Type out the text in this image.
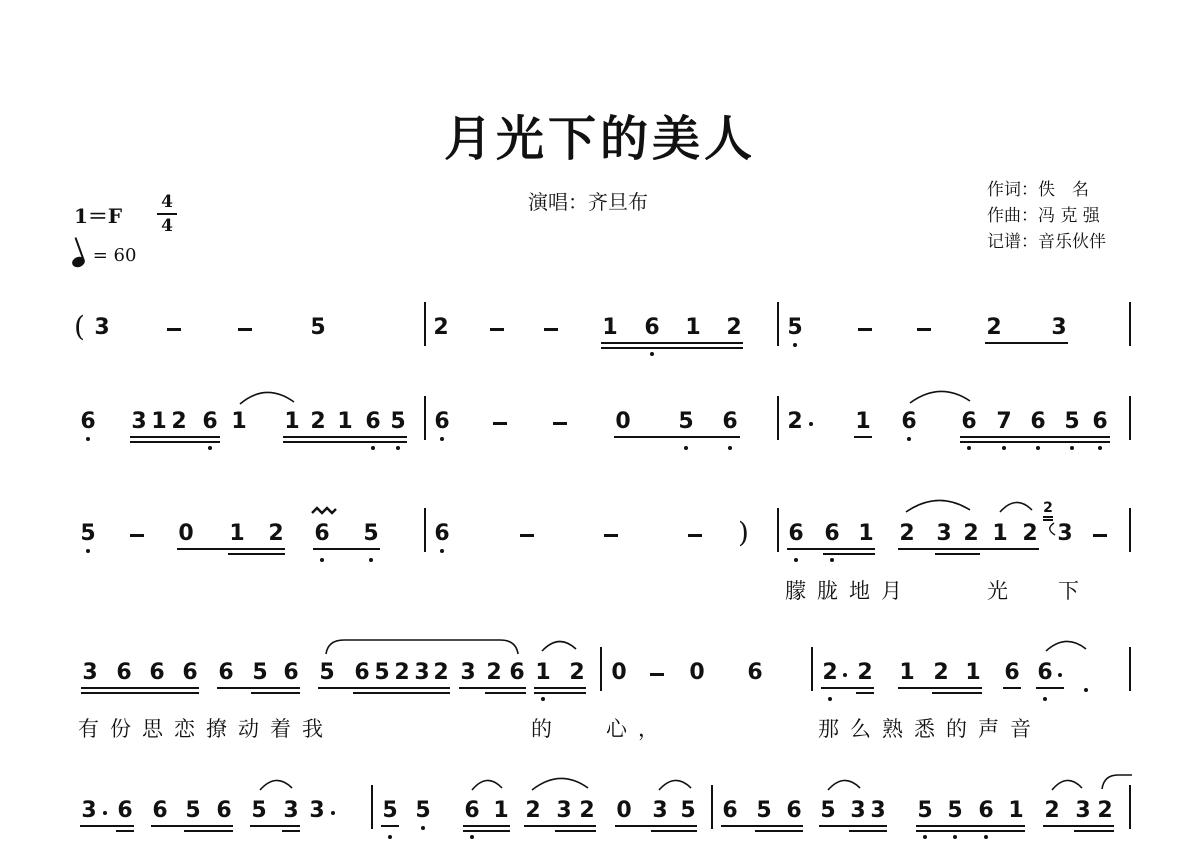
月光下的美人
演唱：齐旦布	作词：佚　名
作曲：冯 克 强
记谱：音乐伙伴
1＝F
4
4
= 60
( 3	5	2	1 6 1 2 5	2 3
6 3 1 2 6 1 1 2 1 6 5 6	0 5 6 2 1 6 6 7 6 5 6
5	0 1 2 6 5	6	) 6 6 1 2 3 2 1 2
2
3
朦胧地月	光 下
3 6 6 6 6 5 6 5 6 5 2 3 2 3 2 6 1 2 0	0 6	2 2 1 2 1 6 6
有份思恋撩动着我	的 心，	那么熟悉的声音
3 6 6 5 6 5 3 3	5 5 6 1 2 3 2 0 3 5 6 5 6 5 3 3 5 5 6 1 2 3 2
